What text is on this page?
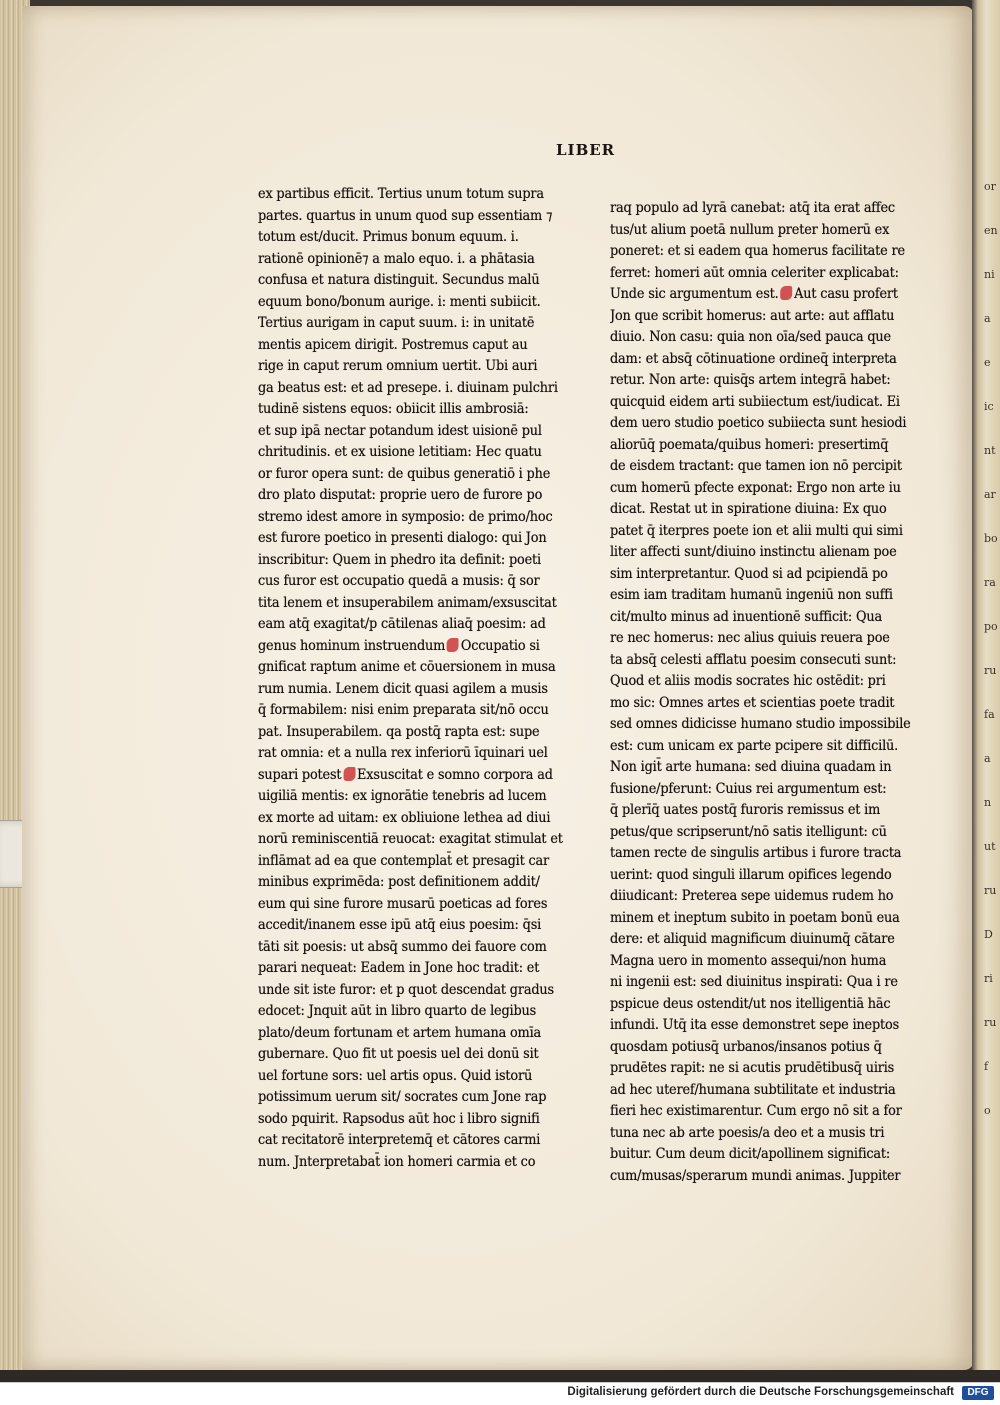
or
en
ni
a
e
ic
nt
ar
bo
ra
po
ru
fa
a
n
ut
ru
D
ri
ru
f
o
LIBER
ex partibus efficit. Tertius unum totum supra
partes. quartus in unum quod sup essentiam ⁊
totum est/ducit. Primus bonum equum. i.
rationē opinionē⁊ a malo equo. i. a phātasia
confusa et natura distinguit. Secundus malū
equum bono/bonum aurige. i: menti subiicit.
Tertius aurigam in caput suum. i: in unitatē
mentis apicem dirigit. Postremus caput au
rige in caput rerum omnium uertit. Ubi auri
ga beatus est: et ad presepe. i. diuinam pulchri
tudinē sistens equos: obiicit illis ambrosiā:
et sup ipā nectar potandum idest uisionē pul
chritudinis. et ex uisione letitiam: Hec quatu
or furor opera sunt: de quibus generatiō i phe
dro plato disputat: proprie uero de furore po
stremo idest amore in symposio: de primo/hoc
est furore poetico in presenti dialogo: qui Jon
inscribitur: Quem in phedro ita definit: poeti
cus furor est occupatio quedā a musis: q̄ sor
tita lenem et insuperabilem animam/exsuscitat
eam atq̄ exagitat/p cātilenas aliaq̄ poesim: ad
genus hominum instruendum Occupatio si
gnificat raptum anime et cōuersionem in musa
rum numia. Lenem dicit quasi agilem a musis
q̄ formabilem: nisi enim preparata sit/nō occu
pat. Insuperabilem. qa postq̄ rapta est: supe
rat omnia: et a nulla rex inferiorū īquinari uel
supari potest Exsuscitat e somno corpora ad
uigiliā mentis: ex ignorātie tenebris ad lucem
ex morte ad uitam: ex obliuione lethea ad diui
norū reminiscentiā reuocat: exagitat stimulat et
inflāmat ad ea que contemplat̄ et presagit car
minibus exprimēda: post definitionem addit/
eum qui sine furore musarū poeticas ad fores
accedit/inanem esse ipū atq̄ eius poesim: q̄si
tāti sit poesis: ut absq̄ summo dei fauore com
parari nequeat: Eadem in Jone hoc tradit: et
unde sit iste furor: et p quot descendat gradus
edocet: Jnquit aūt in libro quarto de legibus
plato/deum fortunam et artem humana omīa
gubernare. Quo fit ut poesis uel dei donū sit
uel fortune sors: uel artis opus. Quid istorū
potissimum uerum sit/ socrates cum Jone rap
sodo pquirit. Rapsodus aūt hoc i libro signifi
cat recitatorē interpretemq̄ et cātores carmi
num. Jnterpretabat̄ ion homeri carmia et co
raq populo ad lyrā canebat: atq̄ ita erat affec
tus/ut alium poetā nullum preter homerū ex
poneret: et si eadem qua homerus facilitate re
ferret: homeri aūt omnia celeriter explicabat:
Unde sic argumentum est. Aut casu profert
Jon que scribit homerus: aut arte: aut afflatu
diuio. Non casu: quia non oīa/sed pauca que
dam: et absq̄ cōtinuatione ordineq̄ interpreta
retur. Non arte: quisq̄s artem integrā habet:
quicquid eidem arti subiiectum est/iudicat. Ei
dem uero studio poetico subiiecta sunt hesiodi
aliorūq̄ poemata/quibus homeri: presertimq̄
de eisdem tractant: que tamen ion nō percipit
cum homerū pfecte exponat: Ergo non arte iu
dicat. Restat ut in spiratione diuina: Ex quo
patet q̄ iterpres poete ion et alii multi qui simi
liter affecti sunt/diuino instinctu alienam poe
sim interpretantur. Quod si ad pcipiendā po
esim iam traditam humanū ingeniū non suffi
cit/multo minus ad inuentionē sufficit: Qua
re nec homerus: nec alius quiuis reuera poe
ta absq̄ celesti afflatu poesim consecuti sunt:
Quod et aliis modis socrates hic ostēdit: pri
mo sic: Omnes artes et scientias poete tradit
sed omnes didicisse humano studio impossibile
est: cum unicam ex parte pcipere sit difficilū.
Non igit̄ arte humana: sed diuina quadam in
fusione/pferunt: Cuius rei argumentum est:
q̄ plerīq̄ uates postq̄ furoris remissus et im
petus/que scripserunt/nō satis itelligunt: cū
tamen recte de singulis artibus i furore tracta
uerint: quod singuli illarum opifices legendo
diiudicant: Preterea sepe uidemus rudem ho
minem et ineptum subito in poetam bonū eua
dere: et aliquid magnificum diuinumq̄ cātare
Magna uero in momento assequi/non huma
ni ingenii est: sed diuinitus inspirati: Qua i re
pspicue deus ostendit/ut nos itelligentiā hāc
infundi. Utq̄ ita esse demonstret sepe ineptos
quosdam potiusq̄ urbanos/insanos potius q̄
prudētes rapit: ne si acutis prudētibusq̄ uiris
ad hec uteref/humana subtilitate et industria
fieri hec existimarentur. Cum ergo nō sit a for
tuna nec ab arte poesis/a deo et a musis tri
buitur. Cum deum dicit/apollinem significat:
cum/musas/sperarum mundi animas. Juppiter
Digitalisierung gefördert durch die Deutsche Forschungsgemeinschaft	DFG
